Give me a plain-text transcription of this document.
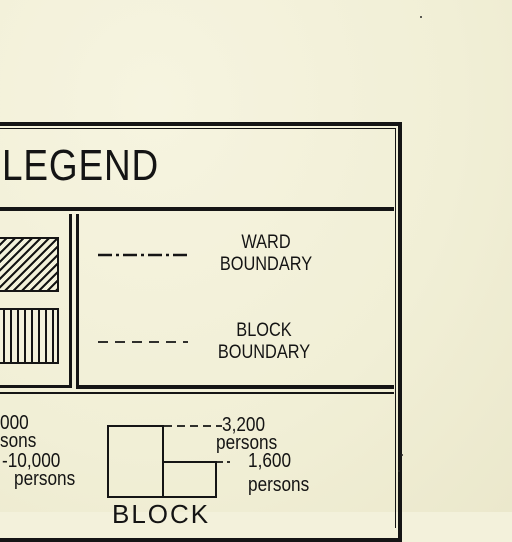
LEGEND
WARD
BOUNDARY
BLOCK
BOUNDARY
000
sons
-10,000
persons
3,200
persons
1,600
persons
BLOCK
